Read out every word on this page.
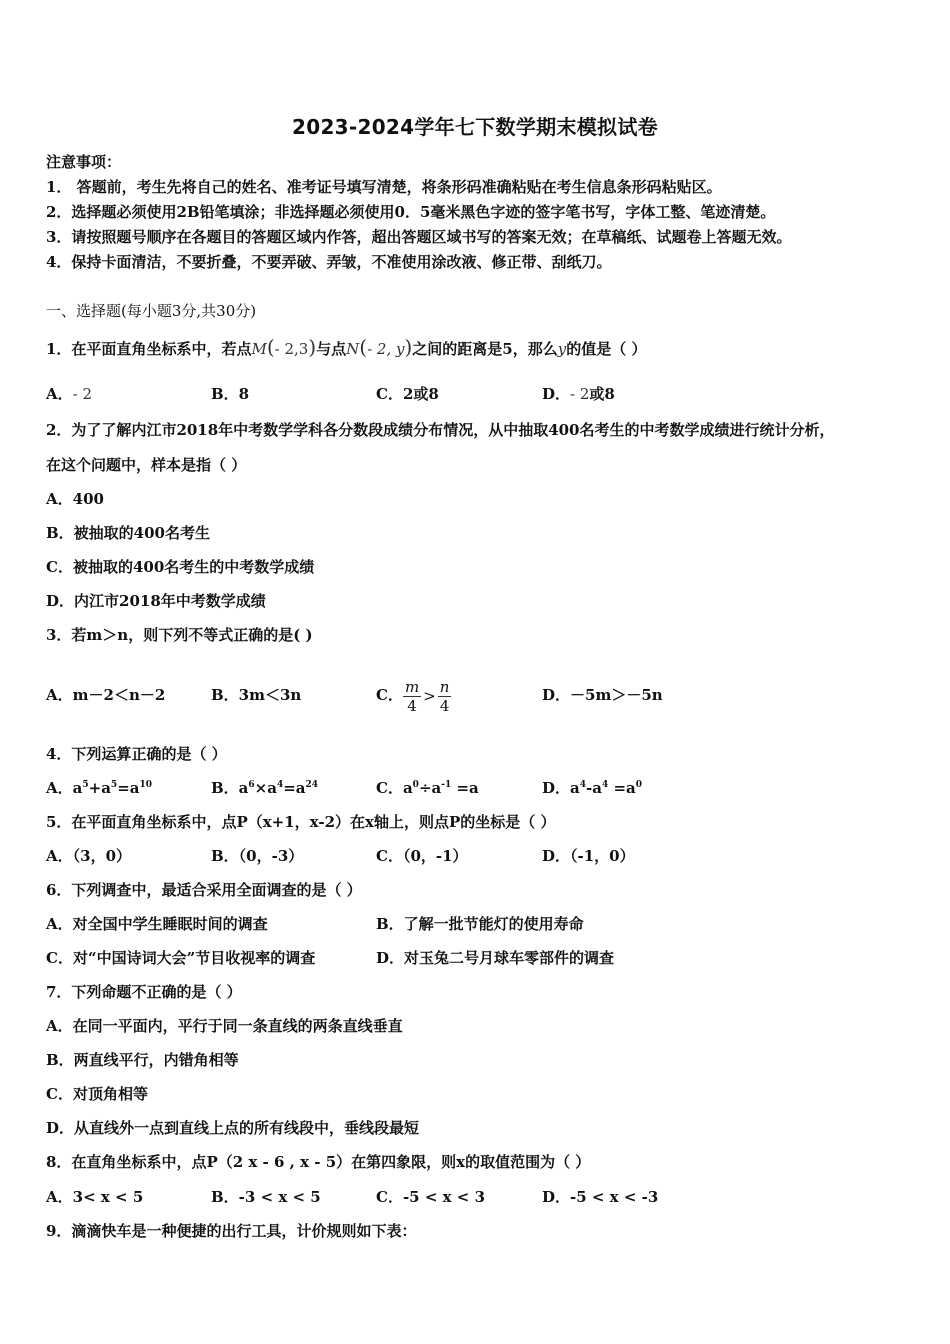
2023-2024学年七下数学期末模拟试卷
注意事项：
1． 答题前，考生先将自己的姓名、准考证号填写清楚，将条形码准确粘贴在考生信息条形码粘贴区。
2．选择题必须使用2B铅笔填涂；非选择题必须使用0．5毫米黑色字迹的签字笔书写，字体工整、笔迹清楚。
3．请按照题号顺序在各题目的答题区域内作答，超出答题区域书写的答案无效；在草稿纸、试题卷上答题无效。
4．保持卡面清洁，不要折叠，不要弄破、弄皱，不准使用涂改液、修正带、刮纸刀。
一、选择题(每小题3分,共30分)
1．在平面直角坐标系中，若点M(- 2,3)与点N(- 2, y)之间的距离是5，那么y的值是（ ）
A．- 2	B．8	C．2或8	D．- 2或8
2．为了了解内江市2018年中考数学学科各分数段成绩分布情况，从中抽取400名考生的中考数学成绩进行统计分析，
在这个问题中，样本是指（ ）
A．400
B．被抽取的400名考生
C．被抽取的400名考生的中考数学成绩
D．内江市2018年中考数学成绩
3．若m＞n，则下列不等式正确的是( )
A．m－2＜n－2	B．3m＜3n	C． $\frac{m}{4} > \frac{n}{4}$	D．－5m＞－5n
4．下列运算正确的是（ ）
A．$a^5+a^5=a^{10}$	B．$a^6\times a^4=a^{24}$	C．$a^0\div a^{-1} =a$	D．$a^4-a^4 =a^0$
5．在平面直角坐标系中，点P（x+1，x-2）在x轴上，则点P的坐标是（ ）
A．（3，0）	B．（0，-3）	C．（0，-1）	D．（-1，0）
6．下列调查中，最适合采用全面调查的是（ ）
A．对全国中学生睡眠时间的调查	B．了解一批节能灯的使用寿命
C．对“中国诗词大会”节目收视率的调查	D．对玉兔二号月球车零部件的调查
7．下列命题不正确的是（ ）
A．在同一平面内，平行于同一条直线的两条直线垂直
B．两直线平行，内错角相等
C．对顶角相等
D．从直线外一点到直线上点的所有线段中，垂线段最短
8．在直角坐标系中，点P（2 x - 6 , x - 5）在第四象限，则x的取值范围为（ ）
A．3< x < 5	B．-3 < x < 5	C．-5 < x < 3	D．-5 < x < -3
9．滴滴快车是一种便捷的出行工具，计价规则如下表：
